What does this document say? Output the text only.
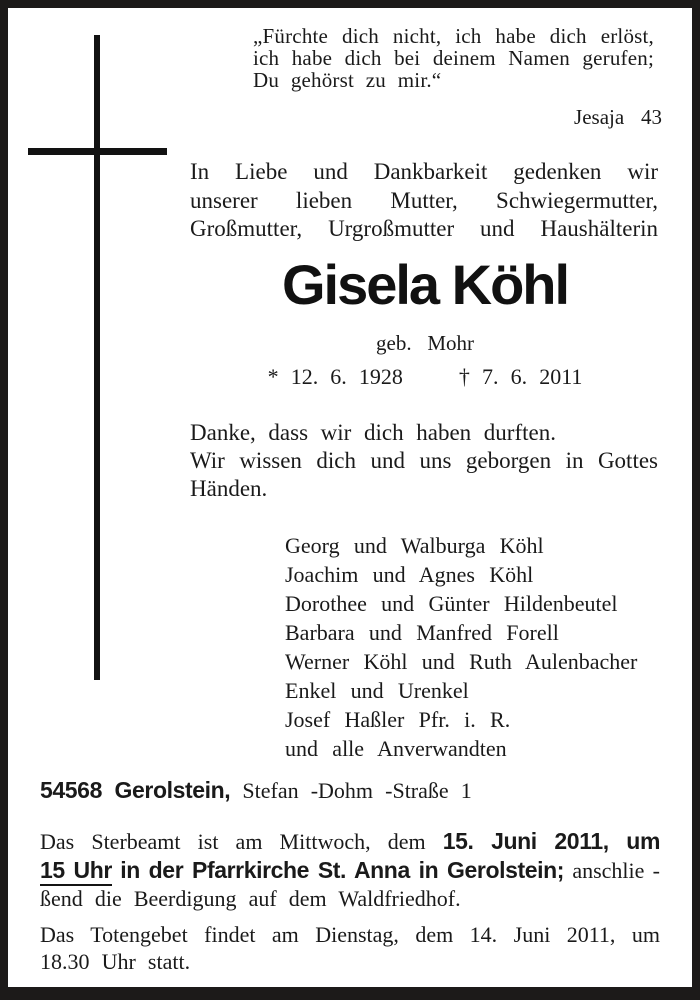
„Fürchte dich nicht, ich habe dich erlöst,
ich habe dich bei deinem Namen gerufen;
Du gehörst zu mir.“
Jesaja 43
In Liebe und Dankbarkeit gedenken wir
unserer lieben Mutter, Schwiegermutter,
Großmutter, Urgroßmutter und Haushälterin
Gisela Köhl
geb. Mohr
* 12. 6. 1928	† 7. 6. 2011
Danke, dass wir dich haben durften.
Wir wissen dich und uns geborgen in Gottes
Händen.
Georg und Walburga Köhl
Joachim und Agnes Köhl
Dorothee und Günter Hildenbeutel
Barbara und Manfred Forell
Werner Köhl und Ruth Aulenbacher
Enkel und Urenkel
Josef Haßler Pfr. i. R.
und alle Anverwandten
54568 Gerolstein, Stefan -Dohm -Straße 1
Das Sterbeamt ist am Mittwoch, dem 15. Juni 2011, um
15 Uhr in der Pfarrkirche St. Anna in Gerolstein; anschlie -
ßend die Beerdigung auf dem Waldfriedhof.
Das Totengebet findet am Dienstag, dem 14. Juni 2011, um
18.30 Uhr statt.
